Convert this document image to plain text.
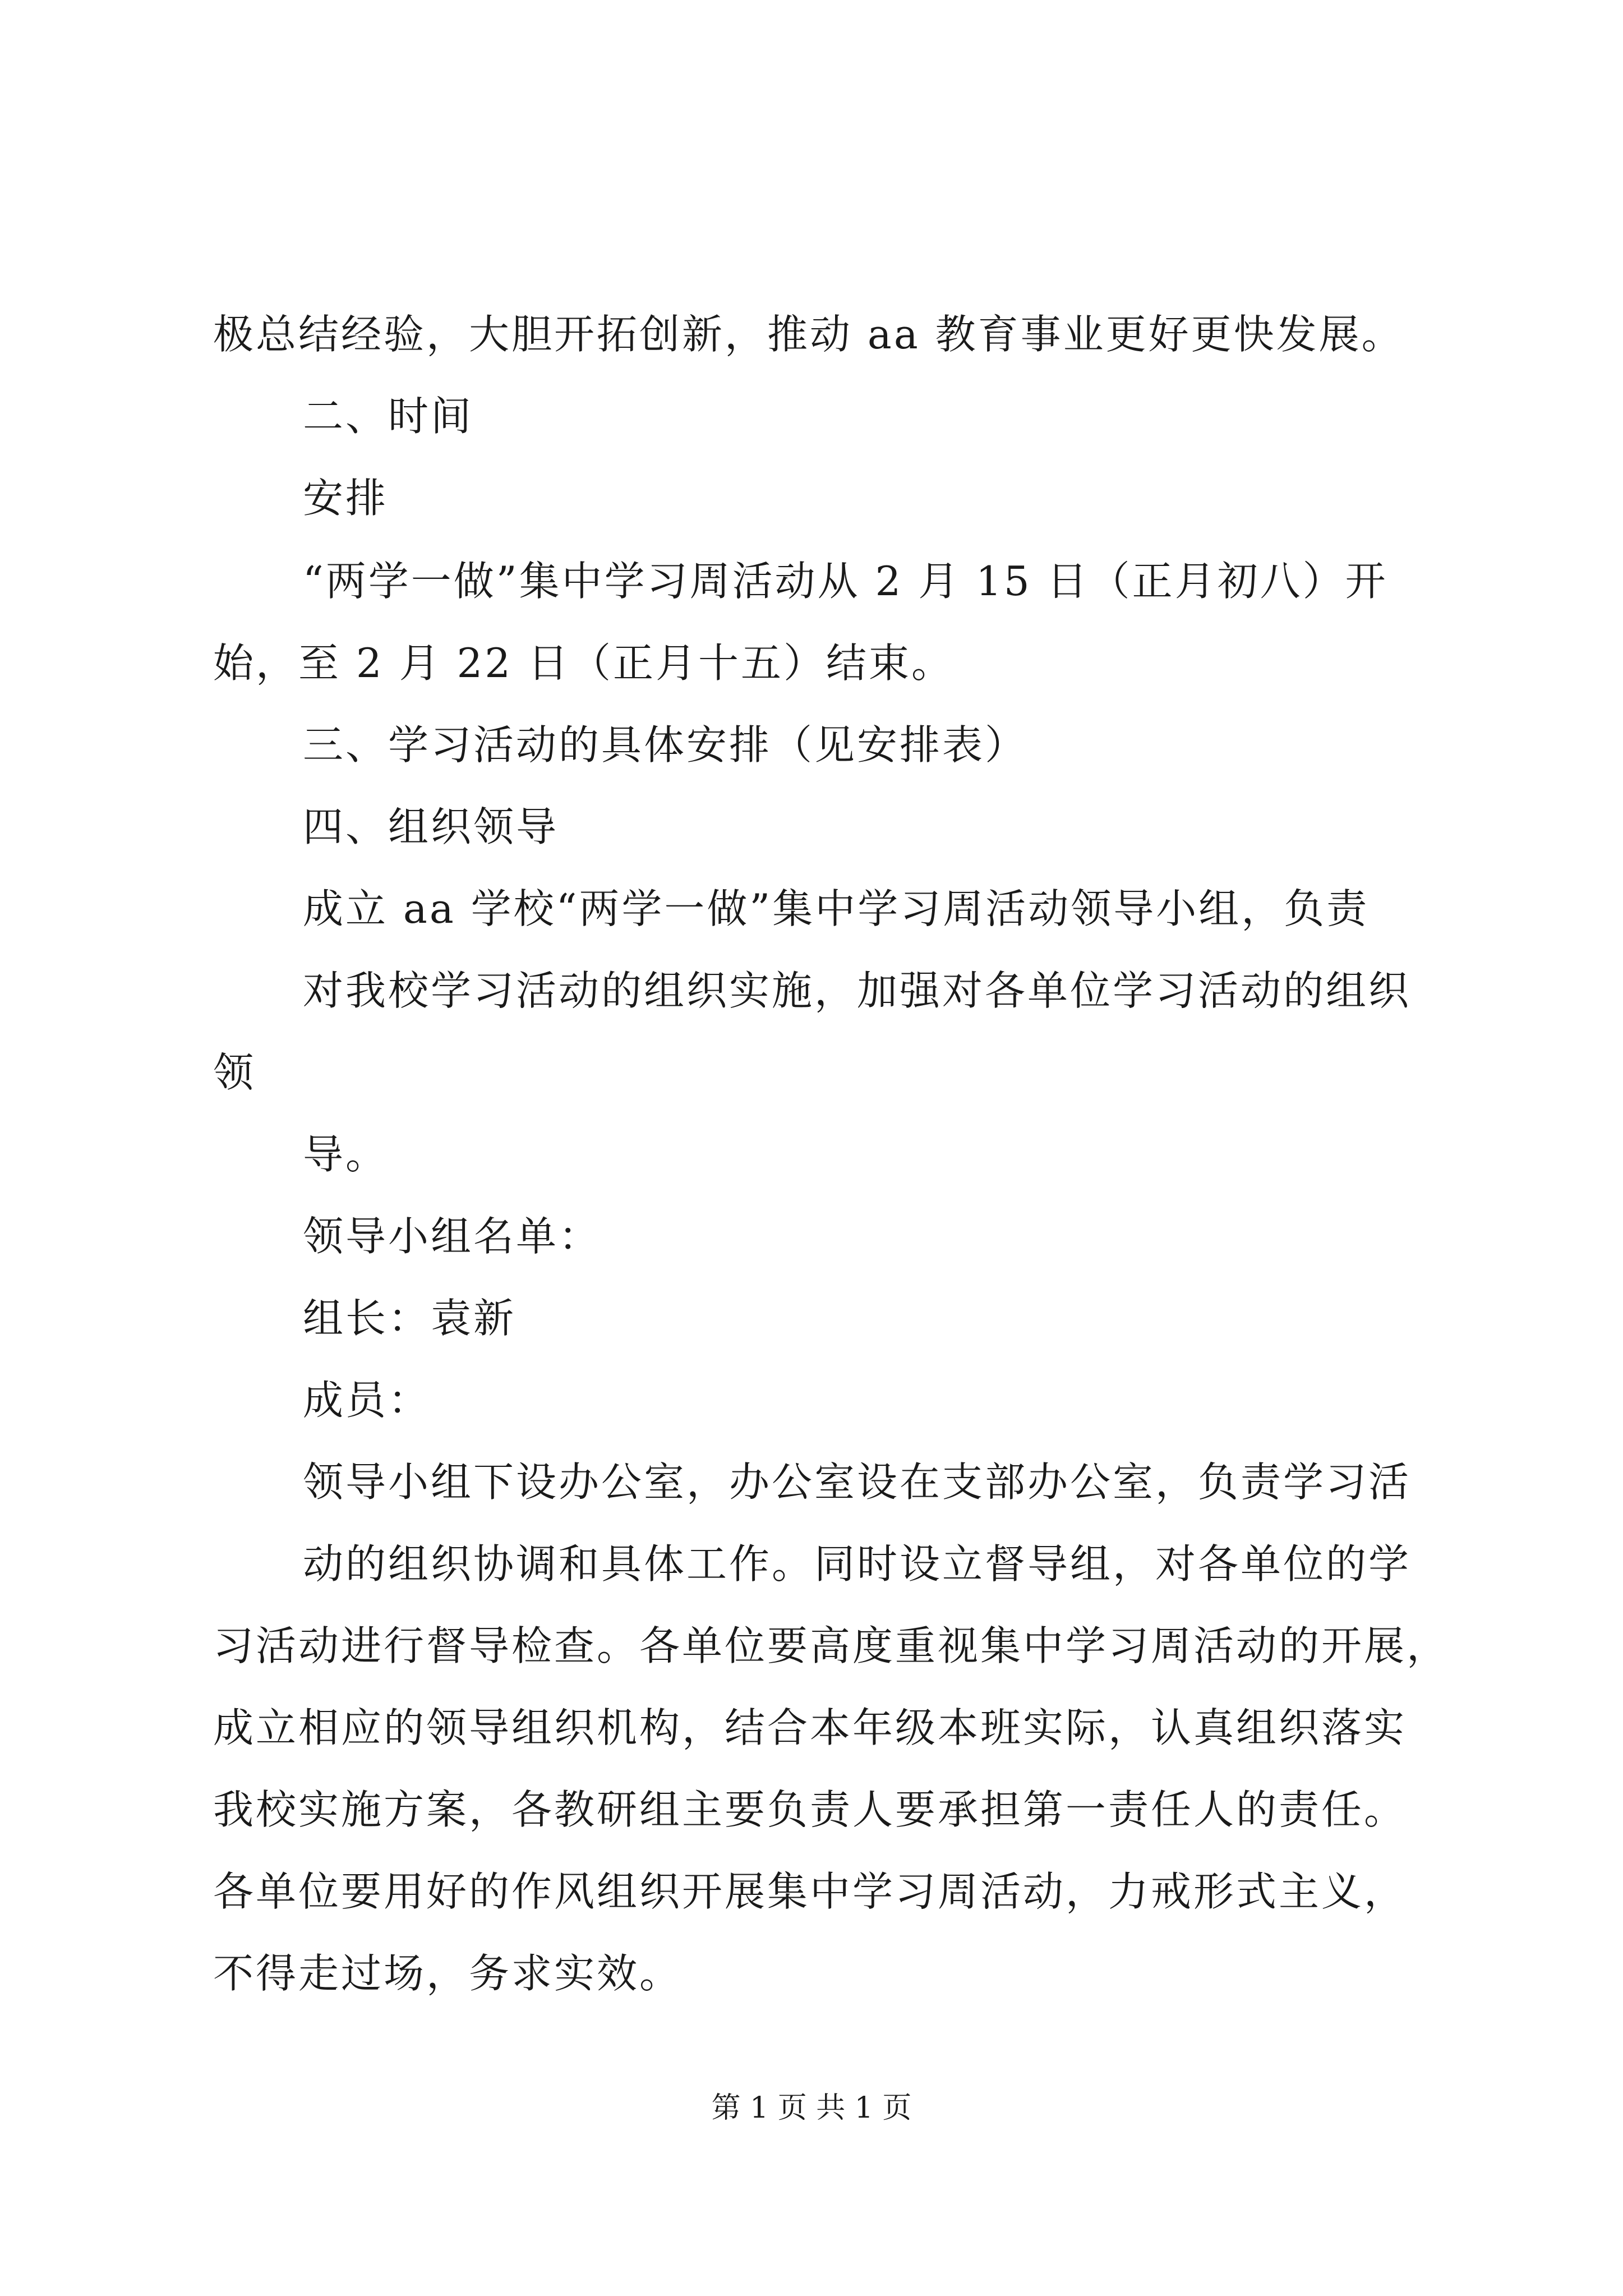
极总结经验，大胆开拓创新，推动 aa 教育事业更好更快发展。
二、时间
安排
“两学一做”集中学习周活动从 2 月 15 日（正月初八）开
始，至 2 月 22 日（正月十五）结束。
三、学习活动的具体安排（见安排表）
四、组织领导
成立 aa 学校“两学一做”集中学习周活动领导小组，负责
对我校学习活动的组织实施，加强对各单位学习活动的组织
领
导。
领导小组名单：
组长：袁新
成员：
领导小组下设办公室，办公室设在支部办公室，负责学习活
动的组织协调和具体工作。同时设立督导组，对各单位的学
习活动进行督导检查。各单位要高度重视集中学习周活动的开展，
成立相应的领导组织机构，结合本年级本班实际，认真组织落实
我校实施方案，各教研组主要负责人要承担第一责任人的责任。
各单位要用好的作风组织开展集中学习周活动，力戒形式主义，
不得走过场，务求实效。
第 1 页 共 1 页
